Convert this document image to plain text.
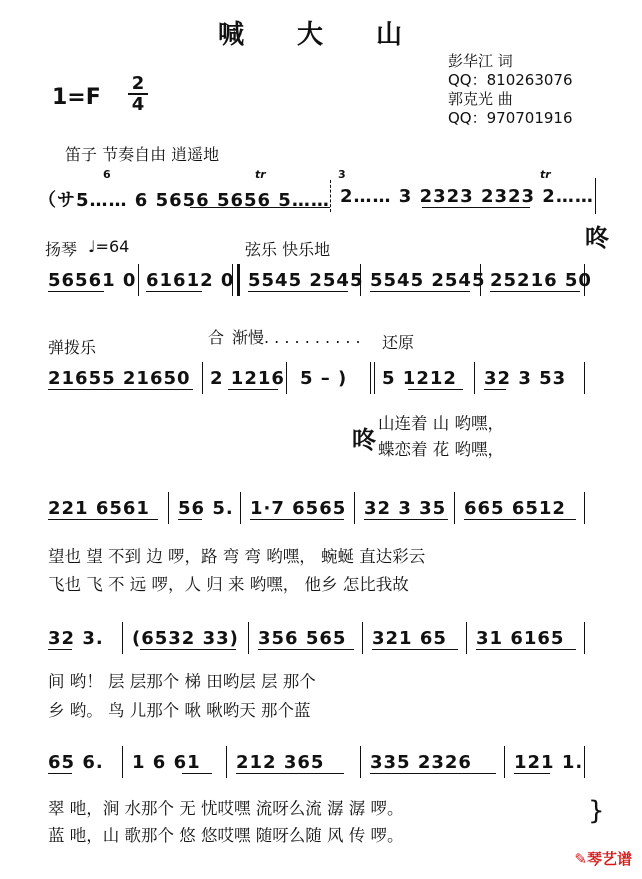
喊 大 山
彭华江 词
QQ：810263076
郭克光 曲
QQ：970701916
1=F
2
4
笛子 节奏自由 逍遥地
tr	tr
6	3
（サ5…… 6 5656 5656 5…… 2…… 3 2323 2323 2……
咚
扬琴 ♩=64	弦乐 快乐地
56561 0 61612 0 5545 2545 5545 2545 25216 50
弹拨乐
合 渐慢. . . . . . . . . . 还原
21655 21650 2 1216 5 – ) 5 1212 32 3 53
咚
山连着 山 哟嘿，
蝶恋着 花 哟嘿，
221 6561 56 5. 1·7 6565 32 3 35 665 6512
望也 望 不到 边 啰，路 弯 弯 哟嘿， 蜿蜒 直达彩云
飞也 飞 不 远 啰，人 归 来 哟嘿， 他乡 怎比我故
32 3. (6532 33) 356 565 321 65 31 6165
间 哟！ 层 层那个 梯 田哟层 层 那个
乡 哟。 鸟 儿那个 啾 啾哟天 那个蓝
65 6. 1 6 61 212 365	335 2326 121 1.
翠 吔，涧 水那个 无 忧哎嘿 流呀么流 潺 潺 啰。
蓝 吔，山 歌那个 悠 悠哎嘿 随呀么随 风 传 啰。
}
✎琴艺谱
